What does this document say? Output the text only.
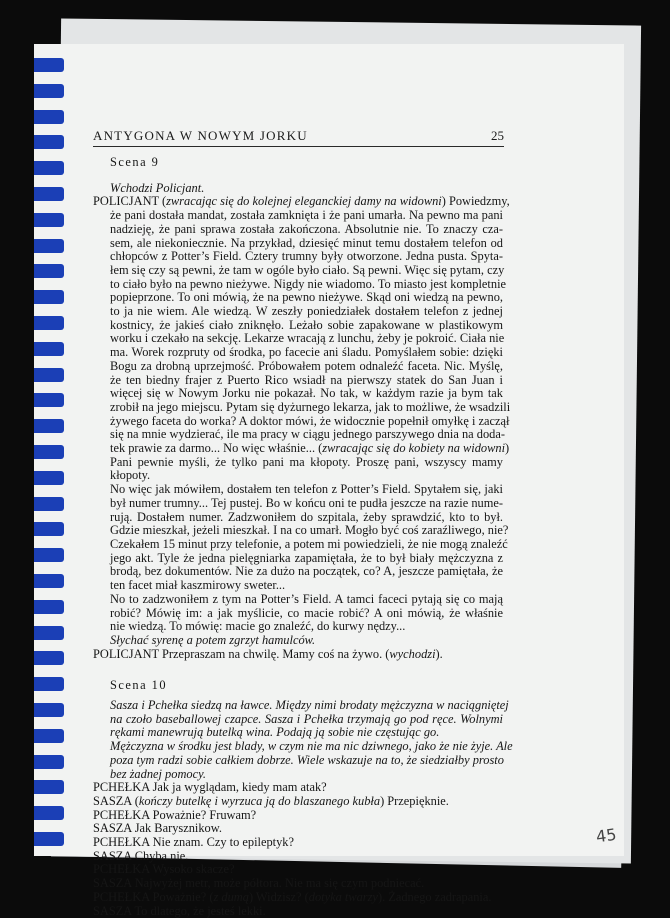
ANTYGONA W NOWYM JORKU	25
Scena 9
Wchodzi Policjant.
POLICJANT (zwracając się do kolejnej eleganckiej damy na widowni) Powiedzmy,
że pani dostała mandat, została zamknięta i że pani umarła. Na pewno ma pani
nadzieję, że pani sprawa została zakończona. Absolutnie nie. To znaczy cza-
sem, ale niekoniecznie. Na przykład, dziesięć minut temu dostałem telefon od
chłopców z Potter’s Field. Cztery trumny były otworzone. Jedna pusta. Spyta-
łem się czy są pewni, że tam w ogóle było ciało. Są pewni. Więc się pytam, czy
to ciało było na pewno nieżywe. Nigdy nie wiadomo. To miasto jest kompletnie
popieprzone. To oni mówią, że na pewno nieżywe. Skąd oni wiedzą na pewno,
to ja nie wiem. Ale wiedzą. W zeszły poniedziałek dostałem telefon z jednej
kostnicy, że jakieś ciało zniknęło. Leżało sobie zapakowane w plastikowym
worku i czekało na sekcję. Lekarze wracają z lunchu, żeby je pokroić. Ciała nie
ma. Worek rozpruty od środka, po facecie ani śladu. Pomyślałem sobie: dzięki
Bogu za drobną uprzejmość. Próbowałem potem odnaleźć faceta. Nic. Myślę,
że ten biedny frajer z Puerto Rico wsiadł na pierwszy statek do San Juan i
więcej się w Nowym Jorku nie pokazał. No tak, w każdym razie ja bym tak
zrobił na jego miejscu. Pytam się dyżurnego lekarza, jak to możliwe, że wsadzili
żywego faceta do worka? A doktor mówi, że widocznie popełnił omyłkę i zaczął
się na mnie wydzierać, ile ma pracy w ciągu jednego parszywego dnia na doda-
tek prawie za darmo... No więc właśnie... (zwracając się do kobiety na widowni)
Pani pewnie myśli, że tylko pani ma kłopoty. Proszę pani, wszyscy mamy
kłopoty.
No więc jak mówiłem, dostałem ten telefon z Potter’s Field. Spytałem się, jaki
był numer trumny... Tej pustej. Bo w końcu oni te pudła jeszcze na razie numе-
rują. Dostałem numer. Zadzwoniłem do szpitala, żeby sprawdzić, kto to był.
Gdzie mieszkał, jeżeli mieszkał. I na co umarł. Mogło być coś zaraźliwego, nie?
Czekałem 15 minut przy telefonie, a potem mi powiedzieli, że nie mogą znaleźć
jego akt. Tyle że jedna pielęgniarka zapamiętała, że to był biały mężczyzna z
brodą, bez dokumentów. Nie za dużo na początek, co? A, jeszcze pamiętała, że
ten facet miał kaszmirowy sweter...
No to zadzwoniłem z tym na Potter’s Field. A tamci faceci pytają się co mają
robić? Mówię im: a jak myślicie, co macie robić? A oni mówią, że właśnie
nie wiedzą. To mówię: macie go znaleźć, do kurwy nędzy...
Słychać syrenę a potem zgrzyt hamulców.
POLICJANT Przepraszam na chwilę. Mamy coś na żywo. (wychodzi).
Scena 10
Sasza i Pchełka siedzą na ławce. Między nimi brodaty mężczyzna w naciągniętej
na czoło baseballowej czapce. Sasza i Pchełka trzymają go pod ręce. Wolnymi
rękami manewrują butelką wina. Podają ją sobie nie częstując go.
Mężczyzna w środku jest blady, w czym nie ma nic dziwnego, jako że nie żyje. Ale
poza tym radzi sobie całkiem dobrze. Wiele wskazuje na to, że siedziałby prosto
bez żadnej pomocy.
PCHEŁKA Jak ja wyglądam, kiedy mam atak?
SASZA (kończy butelkę i wyrzuca ją do blaszanego kubła) Przepięknie.
PCHEŁKA Poważnie? Fruwam?
SASZA Jak Barysznikow.
PCHEŁKA Nie znam. Czy to epileptyk?
SASZA Chyba nie.
PCHEŁKA Wysoko skacze?
SASZA Najwyżej metr, może półtora. Nie ma się czym podniecać.
PCHEŁKA Poważnie? (z dumą) Widzisz? (dotyka twarzy). Żadnego zadrapania.
SASZA To dlatego, że jesteś lekki.
45
